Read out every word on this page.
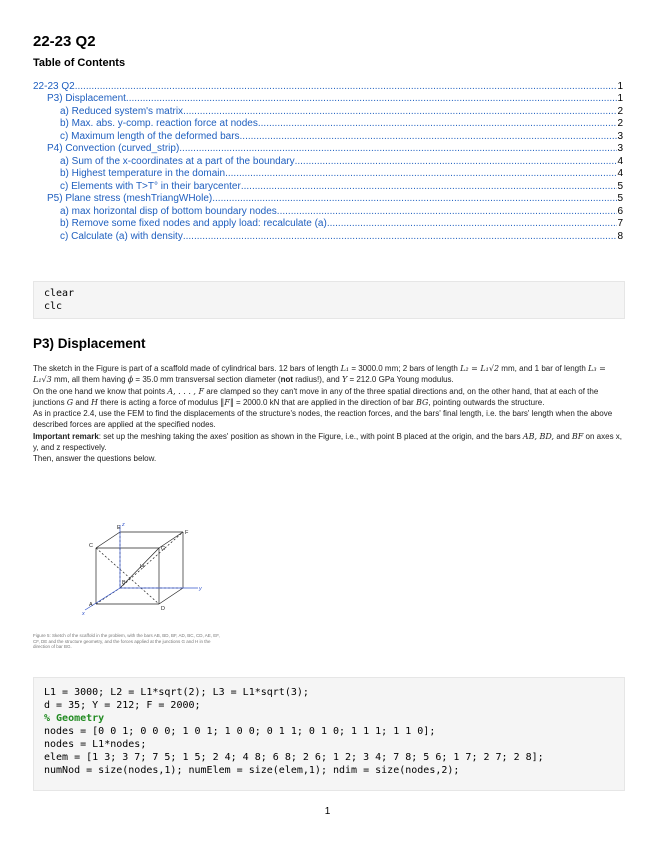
22-23 Q2
Table of Contents
22-23 Q2 .....	1
P3) Displacement .....	1
a) Reduced system's matrix .....	2
b) Max. abs. y-comp. reaction force at nodes .....	2
c) Maximum length of the deformed bars .....	3
P4) Convection (curved_strip) .....	3
a) Sum of the x-coordinates at a part of the boundary .....	4
b) Highest temperature in the domain .....	4
c) Elements with T>T° in their barycenter .....	5
P5) Plane stress (meshTriangWHole) .....	5
a) max horizontal disp of bottom boundary nodes .....	6
b) Remove some fixed nodes and apply load: recalculate (a) .....	7
c) Calculate (a) with density .....	8
clear
clc
P3) Displacement

The sketch in the Figure is part of a scaffold made of cylindrical bars. 12 bars of length L₁ = 3000.0 mm; 2 bars of length L₂ = L₁√2 mm, and 1 bar of length L₃ = L₁√3 mm, all them having ϕ = 35.0 mm transversal section diameter (not radius!), and Y = 212.0 GPa Young modulus.

On the one hand we know that points A, . . . , F are clamped so they can't move in any of the three spatial directions and, on the other hand, that at each of the junctions G and H there is acting a force of modulus ‖F‖ = 2000.0 kN that are applied in the direction of bar BG, pointing outwards the structure.

As in practice 2.4, use the FEM to find the displacements of the structure's nodes, the reaction forces, and the bars' final length, i.e. the bars' length when the above described forces are applied at the specified nodes.

Important remark: set up the meshing taking the axes' position as shown in the Figure, i.e., with point B placed at the origin, and the bars AB, BD, and BF on axes x, y, and z respectively.

Then, answer the questions below.

A
B
C
D
E
F
G
H
x
y
z
Figure 5: Sketch of the scaffold in the problem, with the bars AB, BD, BF, AD, BC, CD, AE, EF, CF, DE and the structure geometry, and the forces applied at the junctions G and H in the direction of bar BG.
L1 = 3000; L2 = L1*sqrt(2); L3 = L1*sqrt(3);
d = 35; Y = 212; F = 2000;
% Geometry
nodes = [0 0 1; 0 0 0; 1 0 1; 1 0 0; 0 1 1; 0 1 0; 1 1 1; 1 1 0];
nodes = L1*nodes;
elem = [1 3; 3 7; 7 5; 1 5; 2 4; 4 8; 6 8; 2 6; 1 2; 3 4; 7 8; 5 6; 1 7; 2 7; 2 8];
numNod = size(nodes,1); numElem = size(elem,1); ndim = size(nodes,2);
1
